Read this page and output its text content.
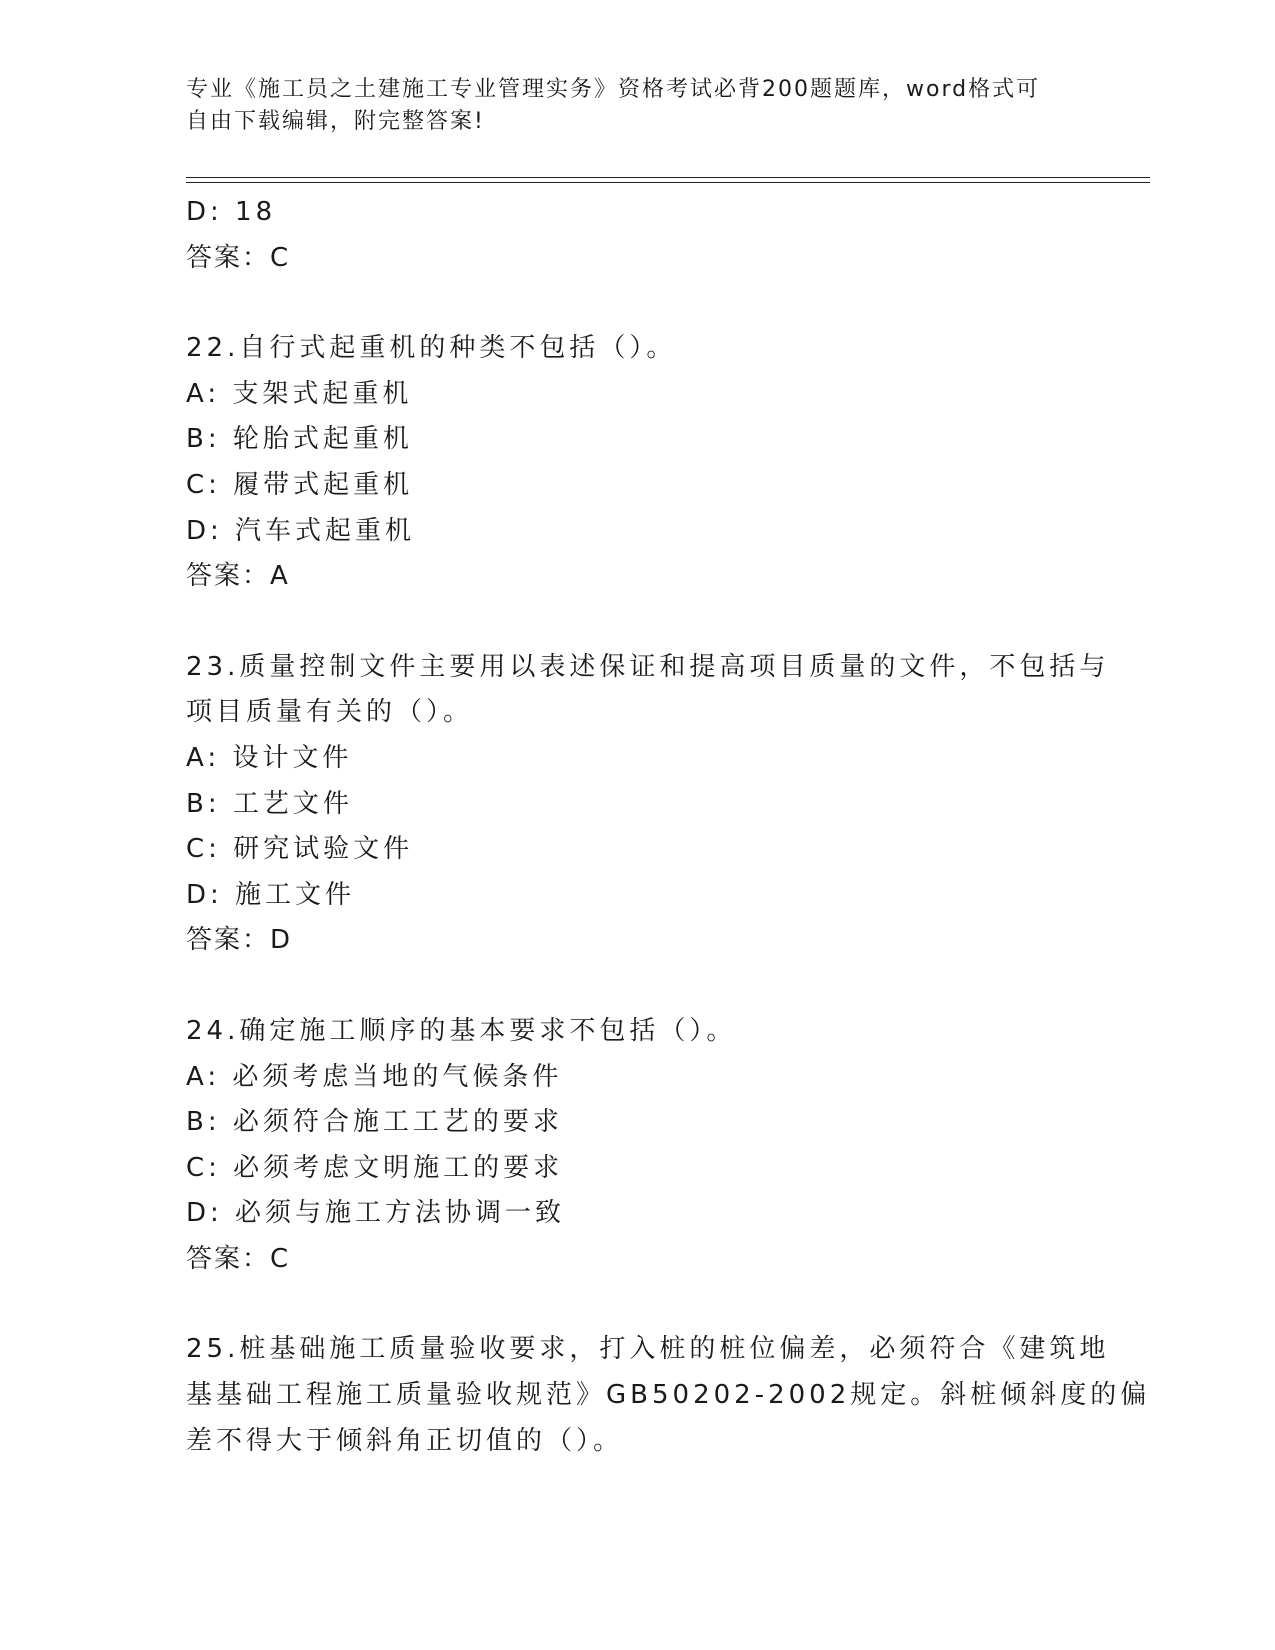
专业《施工员之土建施工专业管理实务》资格考试必背200题题库，word格式可
自由下载编辑，附完整答案!
D: 18
答案：C
22.自行式起重机的种类不包括（）。
A: 支架式起重机
B: 轮胎式起重机
C: 履带式起重机
D: 汽车式起重机
答案：A
23.质量控制文件主要用以表述保证和提高项目质量的文件，不包括与
项目质量有关的（）。
A: 设计文件
B: 工艺文件
C: 研究试验文件
D: 施工文件
答案：D
24.确定施工顺序的基本要求不包括（）。
A: 必须考虑当地的气候条件
B: 必须符合施工工艺的要求
C: 必须考虑文明施工的要求
D: 必须与施工方法协调一致
答案：C
25.桩基础施工质量验收要求，打入桩的桩位偏差，必须符合《建筑地
基基础工程施工质量验收规范》GB50202-2002规定。斜桩倾斜度的偏
差不得大于倾斜角正切值的（）。
